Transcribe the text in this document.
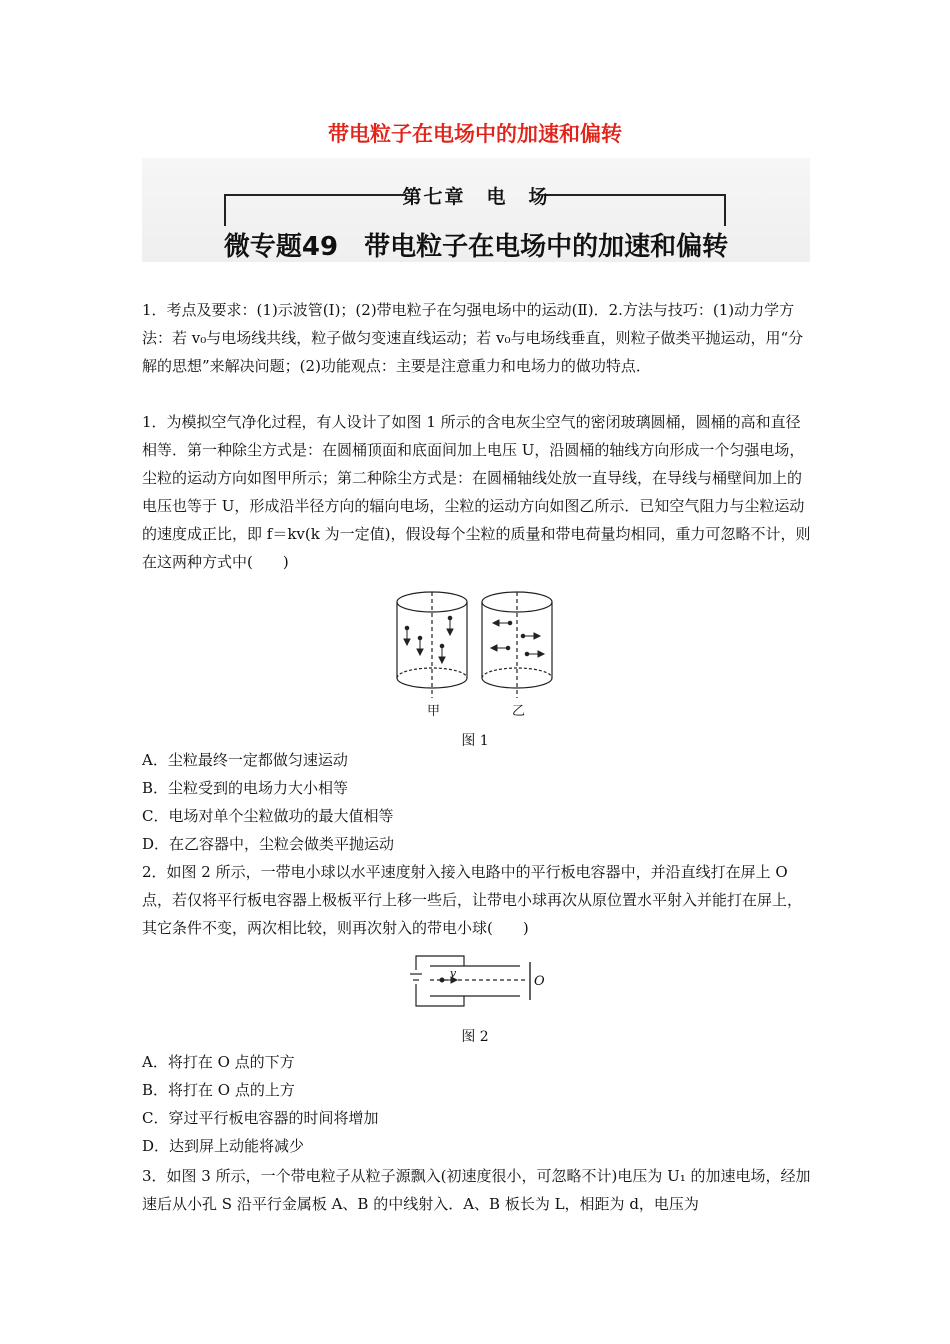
带电粒子在电场中的加速和偏转
第七章　电　场
微专题49　带电粒子在电场中的加速和偏转

1．考点及要求：(1)示波管(Ⅰ)；(2)带电粒子在匀强电场中的运动(Ⅱ)．2.方法与技巧：(1)动力学方法：若 v₀与电场线共线，粒子做匀变速直线运动；若 v₀与电场线垂直，则粒子做类平抛运动，用“分解的思想”来解决问题；(2)功能观点：主要是注意重力和电场力的做功特点．

1．为模拟空气净化过程，有人设计了如图 1 所示的含电灰尘空气的密闭玻璃圆桶，圆桶的高和直径相等．第一种除尘方式是：在圆桶顶面和底面间加上电压 U，沿圆桶的轴线方向形成一个匀强电场，尘粒的运动方向如图甲所示；第二种除尘方式是：在圆桶轴线处放一直导线，在导线与桶壁间加上的电压也等于 U，形成沿半径方向的辐向电场，尘粒的运动方向如图乙所示．已知空气阻力与尘粒运动的速度成正比，即 f＝kv(k 为一定值)，假设每个尘粒的质量和带电荷量均相同，重力可忽略不计，则在这两种方式中(　　)

甲	乙
图 1
A．尘粒最终一定都做匀速运动
B．尘粒受到的电场力大小相等
C．电场对单个尘粒做功的最大值相等
D．在乙容器中，尘粒会做类平抛运动

2．如图 2 所示，一带电小球以水平速度射入接入电路中的平行板电容器中，并沿直线打在屏上 O 点，若仅将平行板电容器上极板平行上移一些后，让带电小球再次从原位置水平射入并能打在屏上，其它条件不变，两次相比较，则再次射入的带电小球(　　)

v
O
图 2
A．将打在 O 点的下方
B．将打在 O 点的上方
C．穿过平行板电容器的时间将增加
D．达到屏上动能将减少

3．如图 3 所示，一个带电粒子从粒子源飘入(初速度很小，可忽略不计)电压为 U₁ 的加速电场，经加速后从小孔 S 沿平行金属板 A、B 的中线射入．A、B 板长为 L，相距为 d，电压为
